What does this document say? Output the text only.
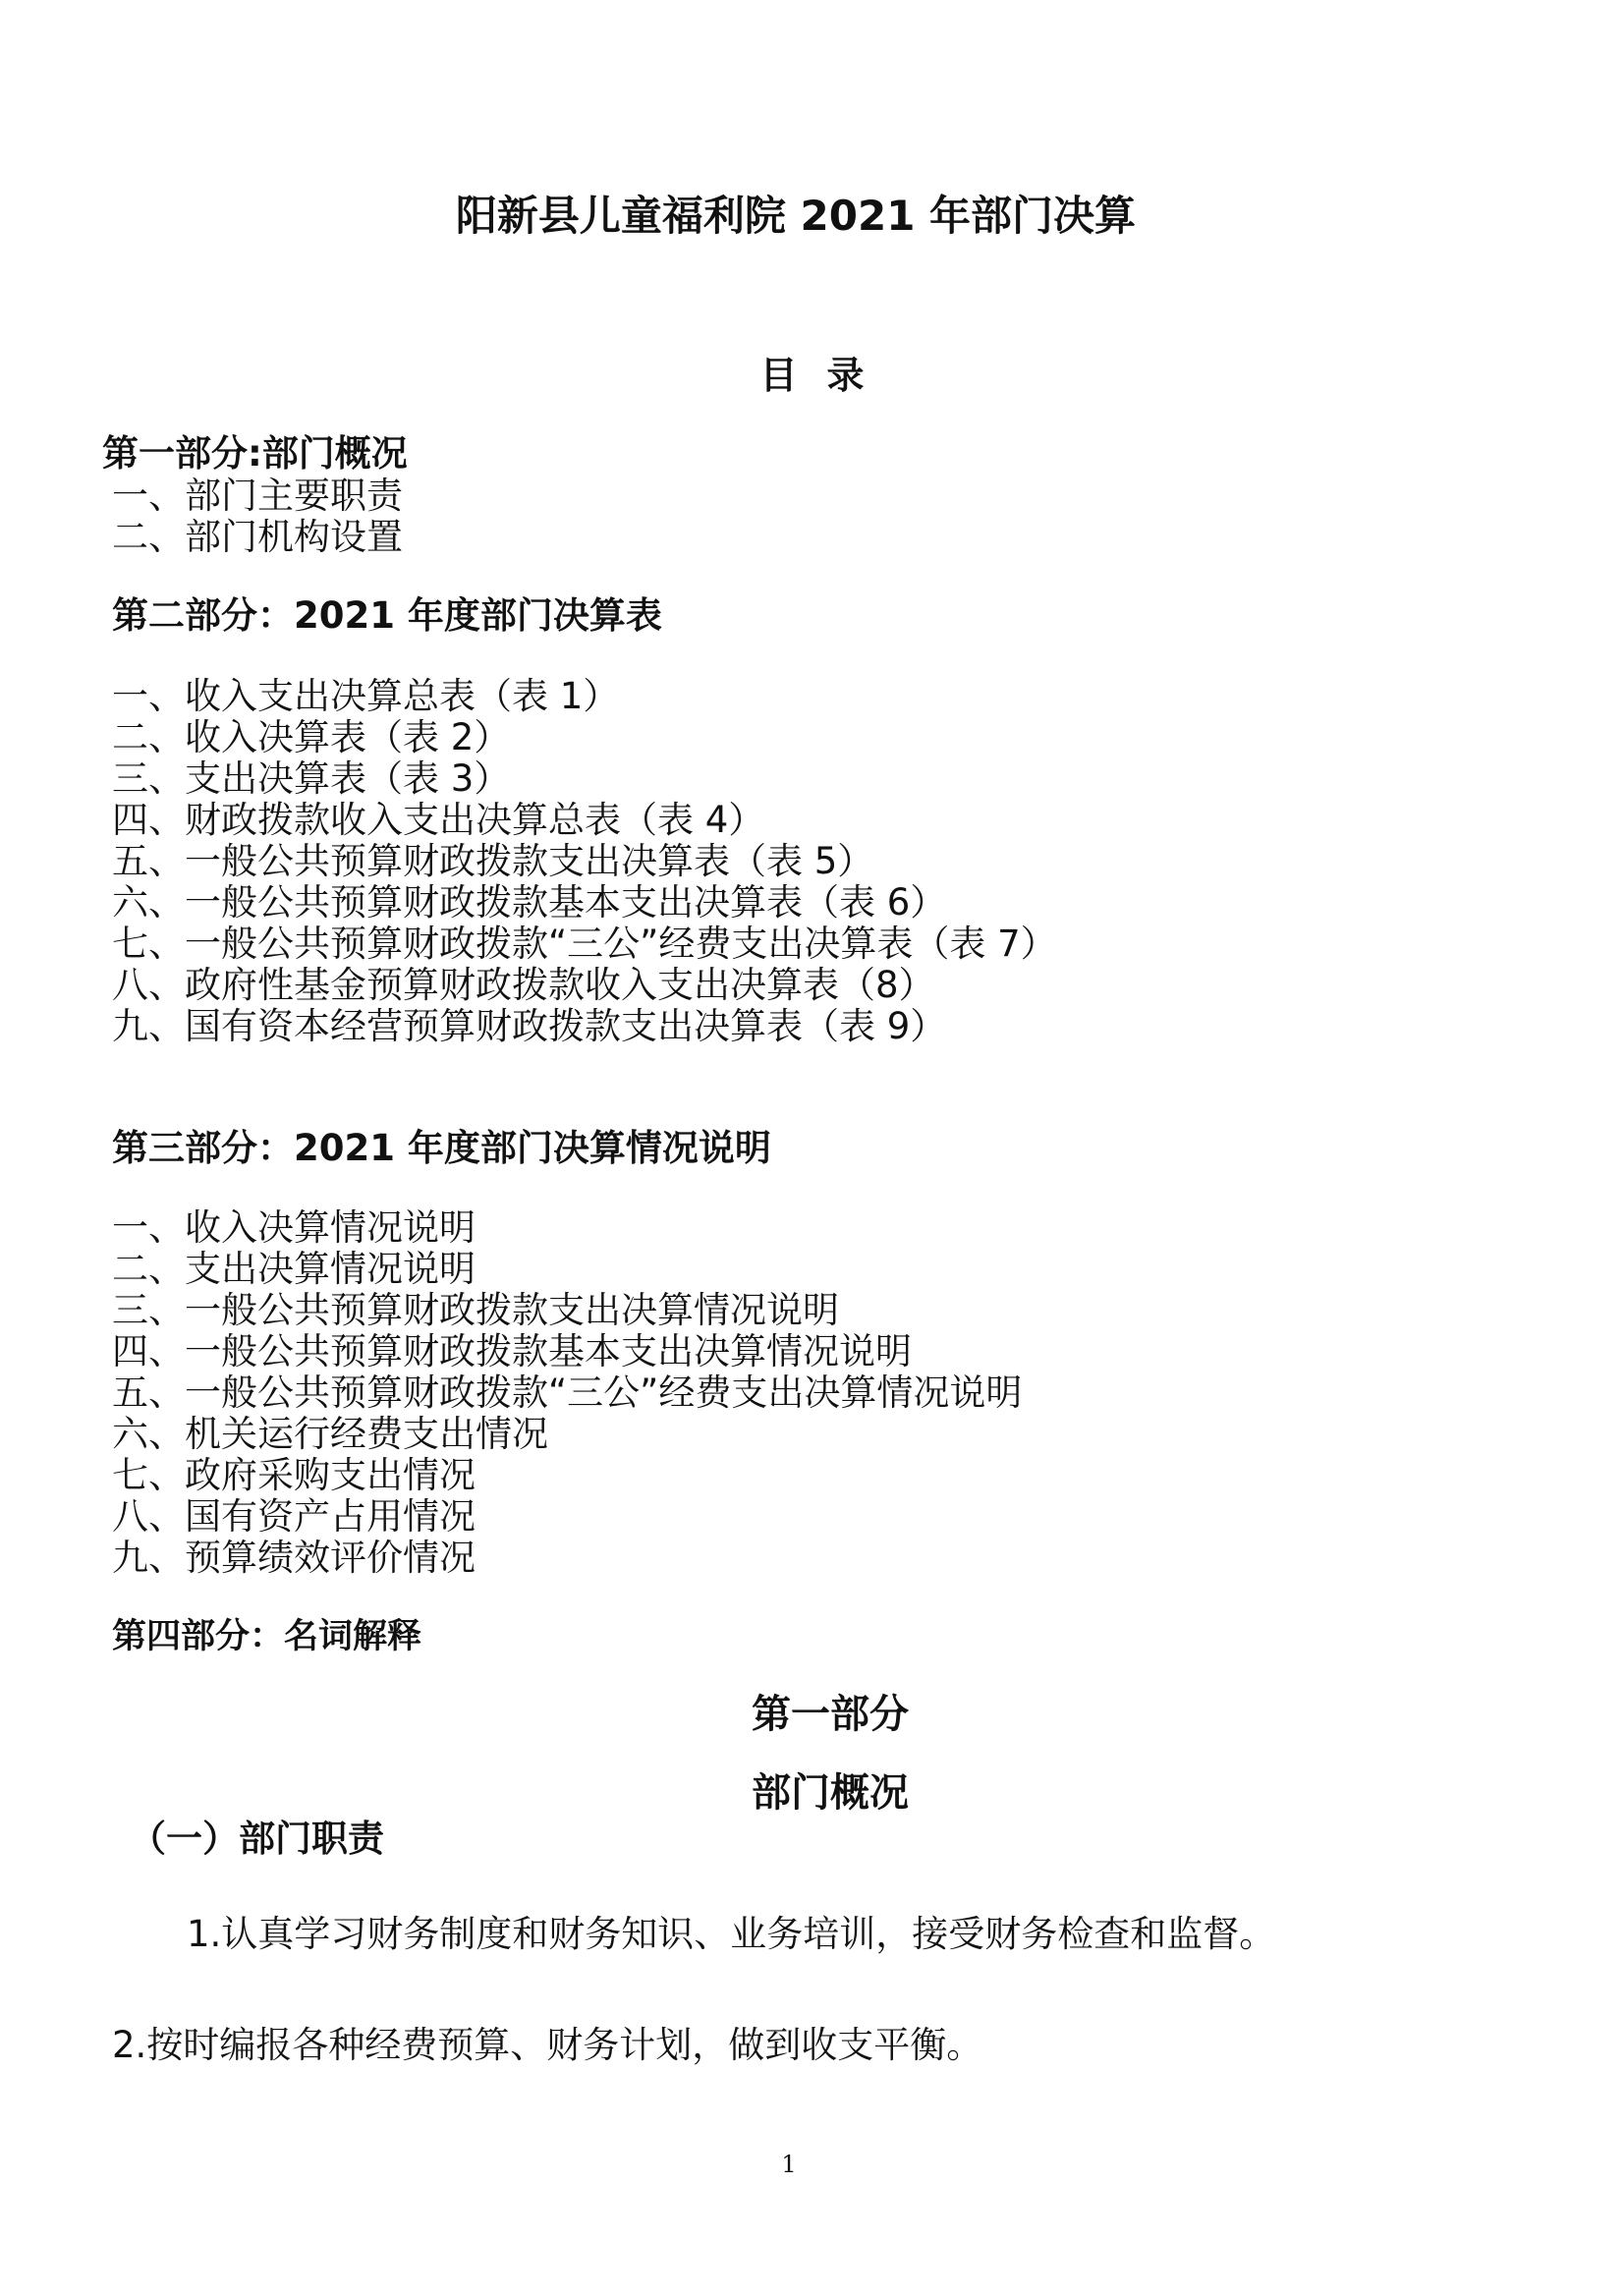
阳新县儿童福利院 2021 年部门决算
目录
第一部分:部门概况
一、部门主要职责
二、部门机构设置
第二部分：2021 年度部门决算表
一、收入支出决算总表（表 1）
二、收入决算表（表 2）
三、支出决算表（表 3）
四、财政拨款收入支出决算总表（表 4）
五、一般公共预算财政拨款支出决算表（表 5）
六、一般公共预算财政拨款基本支出决算表（表 6）
七、一般公共预算财政拨款“三公”经费支出决算表（表 7）
八、政府性基金预算财政拨款收入支出决算表（8）
九、国有资本经营预算财政拨款支出决算表（表 9）
第三部分：2021 年度部门决算情况说明
一、收入决算情况说明
二、支出决算情况说明
三、一般公共预算财政拨款支出决算情况说明
四、一般公共预算财政拨款基本支出决算情况说明
五、一般公共预算财政拨款“三公”经费支出决算情况说明
六、机关运行经费支出情况
七、政府采购支出情况
八、国有资产占用情况
九、预算绩效评价情况
第四部分：名词解释
第一部分
部门概况
（一）部门职责
1.认真学习财务制度和财务知识、业务培训，接受财务检查和监督。
2.按时编报各种经费预算、财务计划，做到收支平衡。
1
